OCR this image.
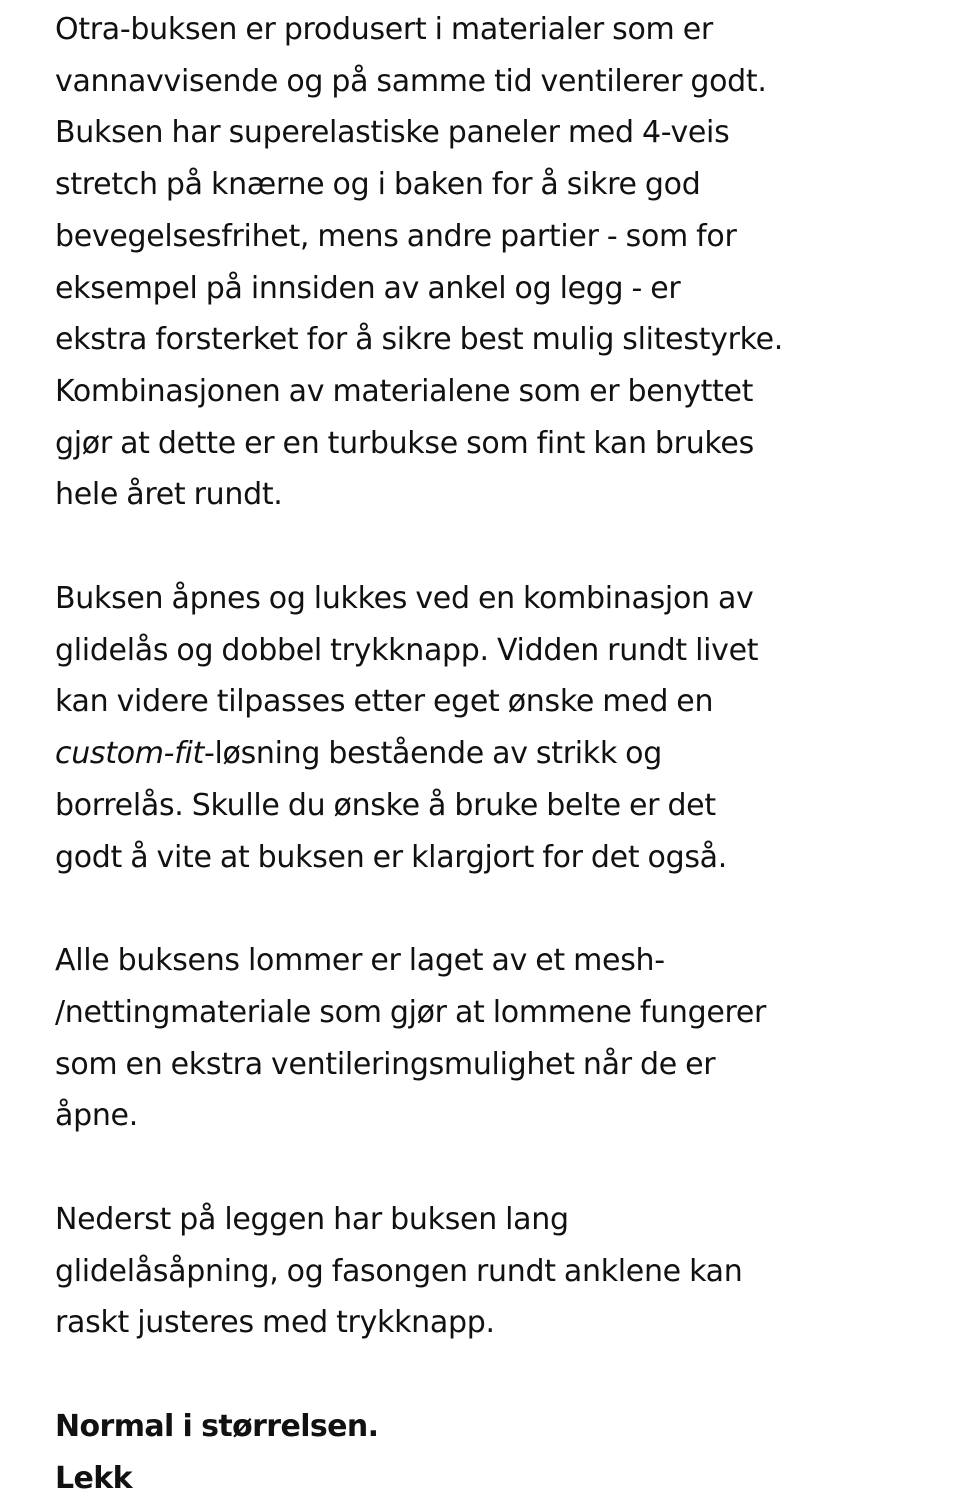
Otra-buksen er produsert i materialer som er
vannavvisende og på samme tid ventilerer godt.
Buksen har superelastiske paneler med 4-veis
stretch på knærne og i baken for å sikre god
bevegelsesfrihet, mens andre partier - som for
eksempel på innsiden av ankel og legg - er
ekstra forsterket for å sikre best mulig slitestyrke.
Kombinasjonen av materialene som er benyttet
gjør at dette er en turbukse som fint kan brukes
hele året rundt.

Buksen åpnes og lukkes ved en kombinasjon av
glidelås og dobbel trykknapp. Vidden rundt livet
kan videre tilpasses etter eget ønske med en
custom-fit-løsning bestående av strikk og
borrelås. Skulle du ønske å bruke belte er det
godt å vite at buksen er klargjort for det også.

Alle buksens lommer er laget av et mesh-
/nettingmateriale som gjør at lommene fungerer
som en ekstra ventileringsmulighet når de er
åpne.

Nederst på leggen har buksen lang
glidelåsåpning, og fasongen rundt anklene kan
raskt justeres med trykknapp.

Normal i størrelsen.
Lekk
